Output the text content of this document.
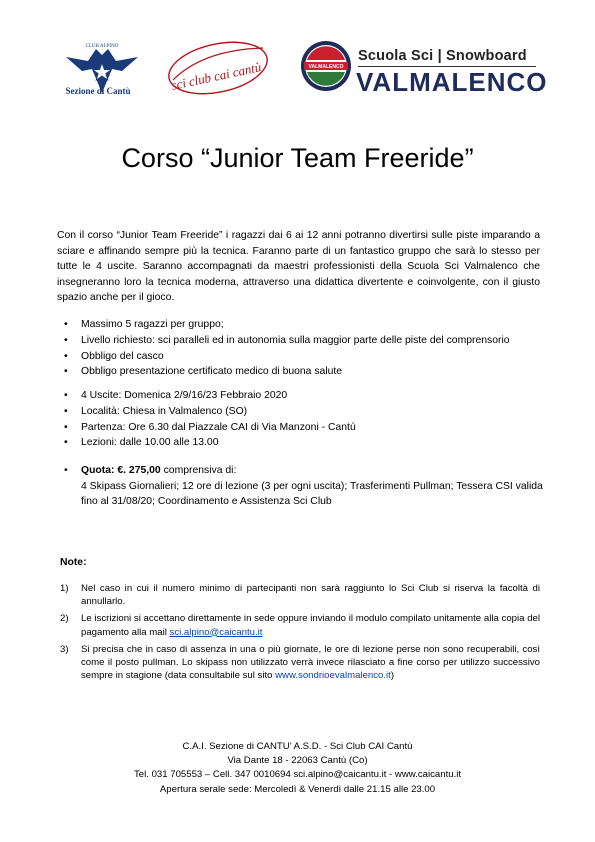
CLUB ALPINO
Sezione di Cantù	sci club cai cantù	VALMALENCO
Scuola Sci | Snowboard
VALMALENCO
Corso “Junior Team Freeride”
Con il corso “Junior Team Freeride” i ragazzi dai 6 ai 12 anni potranno divertirsi sulle piste imparando a sciare e affinando sempre più la tecnica. Faranno parte di un fantastico gruppo che sarà lo stesso per tutte le 4 uscite. Saranno accompagnati da maestri professionisti della Scuola Sci Valmalenco che insegneranno loro la tecnica moderna, attraverso una didattica divertente e coinvolgente, con il giusto spazio anche per il gioco.
• Massimo 5 ragazzi per gruppo;
• Livello richiesto: sci paralleli ed in autonomia sulla maggior parte delle piste del comprensorio
• Obbligo del casco
• Obbligo presentazione certificato medico di buona salute
• 4 Uscite: Domenica 2/9/16/23 Febbraio 2020
• Località: Chiesa in Valmalenco (SO)
• Partenza: Ore 6.30 dal Piazzale CAI di Via Manzoni - Cantù
• Lezioni: dalle 10.00 alle 13.00
• Quota: €. 275,00 comprensiva di:
4 Skipass Giornalieri; 12 ore di lezione (3 per ogni uscita); Trasferimenti Pullman; Tessera CSI valida fino al 31/08/20; Coordinamento e Assistenza Sci Club
Note:
1) Nel caso in cui il numero minimo di partecipanti non sarà raggiunto lo Sci Club si riserva la facoltà di annullarlo.
2) Le iscrizioni si accettano direttamente in sede oppure inviando il modulo compilato unitamente alla copia del pagamento alla mail sci.alpino@caicantu.it
3) Si precisa che in caso di assenza in una o più giornate, le ore di lezione perse non sono recuperabili, così come il posto pullman. Lo skipass non utilizzato verrà invece rilasciato a fine corso per utilizzo successivo sempre in stagione (data consultabile sul sito www.sondrioevalmalenco.it)
C.A.I. Sezione di CANTU’ A.S.D. - Sci Club CAI Cantù
Via Dante 18 - 22063 Cantù (Co)
Tel. 031 705553 – Cell. 347 0010694 sci.alpino@caicantu.it - www.caicantu.it
Apertura serale sede: Mercoledì & Venerdì dalle 21.15 alle 23.00
